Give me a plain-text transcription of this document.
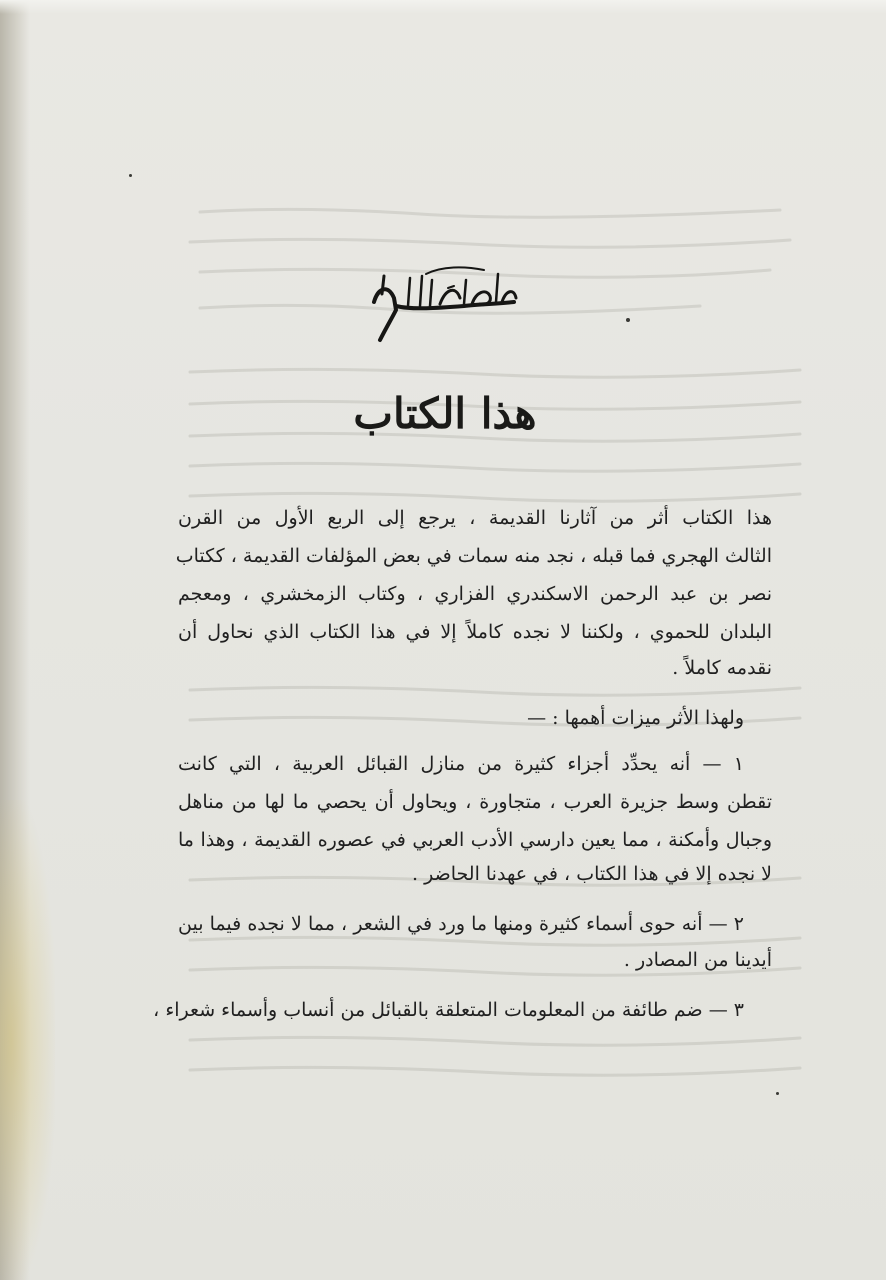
هذا الكتاب
هذا الكتاب أثر من آثارنا القديمة ، يرجع إلى الربع الأول من القرن
الثالث الهجري فما قبله ، نجد منه سمات في بعض المؤلفات القديمة ، ككتاب
نصر بن عبد الرحمن الاسكندري الفزاري ، وكتاب الزمخشري ، ومعجم
البلدان للحموي ، ولكننا لا نجده كاملاً إلا في هذا الكتاب الذي نحاول أن
نقدمه كاملاً .
ولهذا الأثر ميزات أهمها : —
١ — أنه يحدِّد أجزاء كثيرة من منازل القبائل العربية ، التي كانت
تقطن وسط جزيرة العرب ، متجاورة ، ويحاول أن يحصي ما لها من مناهل
وجبال وأمكنة ، مما يعين دارسي الأدب العربي في عصوره القديمة ، وهذا ما
لا نجده إلا في هذا الكتاب ، في عهدنا الحاضر .
٢ — أنه حوى أسماء كثيرة ومنها ما ورد في الشعر ، مما لا نجده فيما بين
أيدينا من المصادر .
٣ — ضم طائفة من المعلومات المتعلقة بالقبائل من أنساب وأسماء شعراء ،
